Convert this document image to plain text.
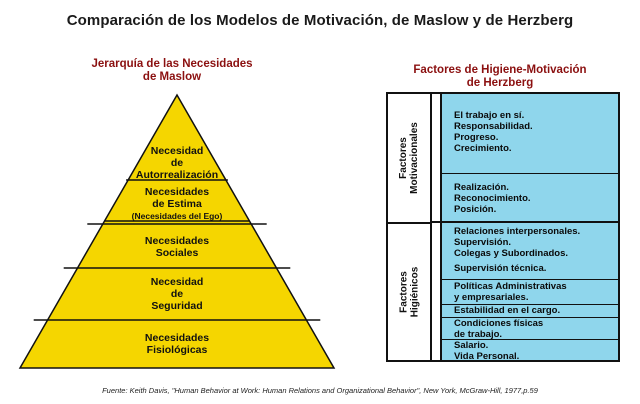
Comparación de los Modelos de Motivación, de Maslow y de Herzberg
Jerarquía de las Necesidades
de Maslow
Necesidad
de
Autorrealización
Necesidades
de Estima
(Necesidades del Ego)
Necesidades
Sociales
Necesidad
de
Seguridad
Necesidades
Fisiológicas
Factores de Higiene-Motivación
de Herzberg
Factores Motivacionales
Factores Higiénicos
El trabajo en sí.
Responsabilidad.
Progreso.
Crecimiento.
Realización.
Reconocimiento.
Posición.
Relaciones interpersonales.
Supervisión.
Colegas y Subordinados.
Supervisión técnica.
Políticas Administrativas
y empresariales.
Estabilidad en el cargo.
Condiciones físicas
de trabajo.
Salario.
Vida Personal.
Fuente: Keith Davis, "Human Behavior at Work: Human Relations and Organizational Behavior", New York, McGraw-Hill, 1977,p.59
